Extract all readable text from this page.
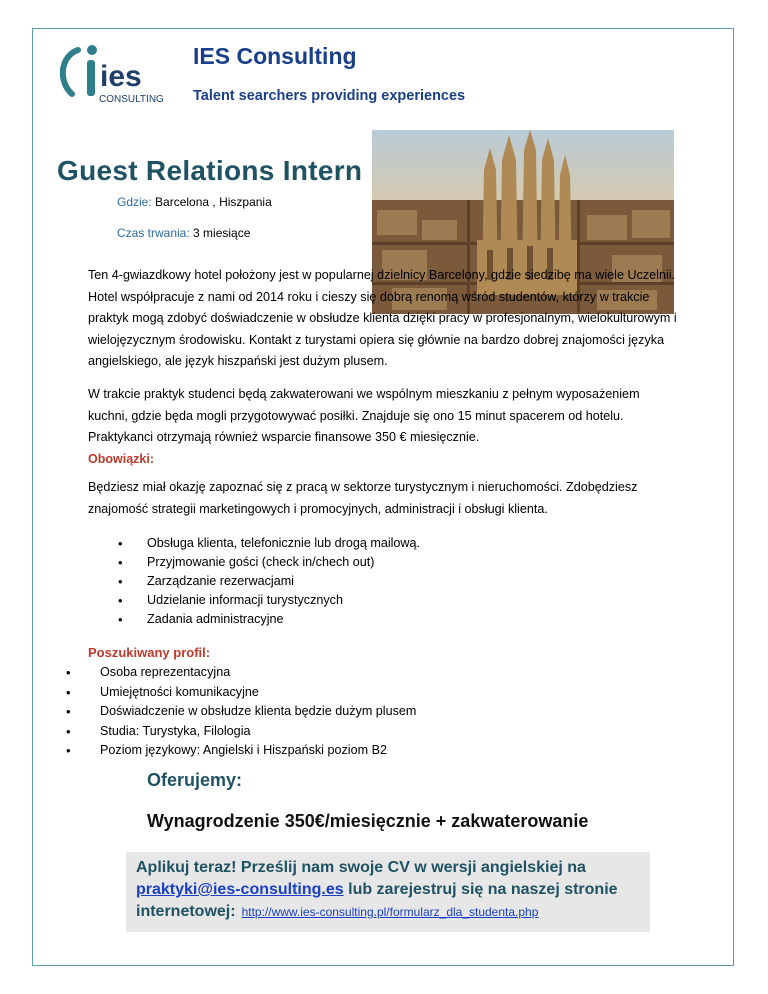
ies
CONSULTING
IES Consulting
Talent searchers providing experiences
Guest Relations Intern
Gdzie: Barcelona , Hiszpania
Czas trwania: 3 miesiące
Ten 4-gwiazdkowy hotel położony jest w popularnej dzielnicy Barcelony, gdzie siedzibę ma wiele Uczelnii. Hotel współpracuje z nami od 2014 roku i cieszy się dobrą renomą wśród studentów, którzy w trakcie praktyk mogą zdobyć doświadczenie w obsłudze klienta dzięki pracy w profesjonalnym, wielokulturowym i wielojęzycznym środowisku. Kontakt z turystami opiera się głównie na bardzo dobrej znajomości języka angielskiego, ale język hiszpański jest dużym plusem.
W trakcie praktyk studenci będą zakwaterowani we wspólnym mieszkaniu z pełnym wyposażeniem kuchni, gdzie będa mogli przygotowywać posiłki. Znajduje się ono 15 minut spacerem od hotelu. Praktykanci otrzymają również wsparcie finansowe 350 € miesięcznie.
Obowiązki:
Będziesz miał okazję zapoznać się z pracą w sektorze turystycznym i nieruchomości. Zdobędziesz znajomość strategii marketingowych i promocyjnych, administracji i obsługi klienta.
• Obsługa klienta, telefonicznie lub drogą mailową.
• Przyjmowanie gości (check in/chech out)
• Zarządzanie rezerwacjami
• Udzielanie informacji turystycznych
• Zadania administracyjne
Poszukiwany profil:
• Osoba reprezentacyjna
• Umiejętności komunikacyjne
• Doświadczenie w obsłudze klienta będzie dużym plusem
• Studia: Turystyka, Filologia
• Poziom językowy: Angielski i Hiszpański poziom B2
Oferujemy:
Wynagrodzenie 350€/miesięcznie + zakwaterowanie
Aplikuj teraz! Prześlij nam swoje CV w wersji angielskiej na
praktyki@ies-consulting.es lub zarejestruj się na naszej stronie
internetowej: http://www.ies-consulting.pl/formularz_dla_studenta.php
